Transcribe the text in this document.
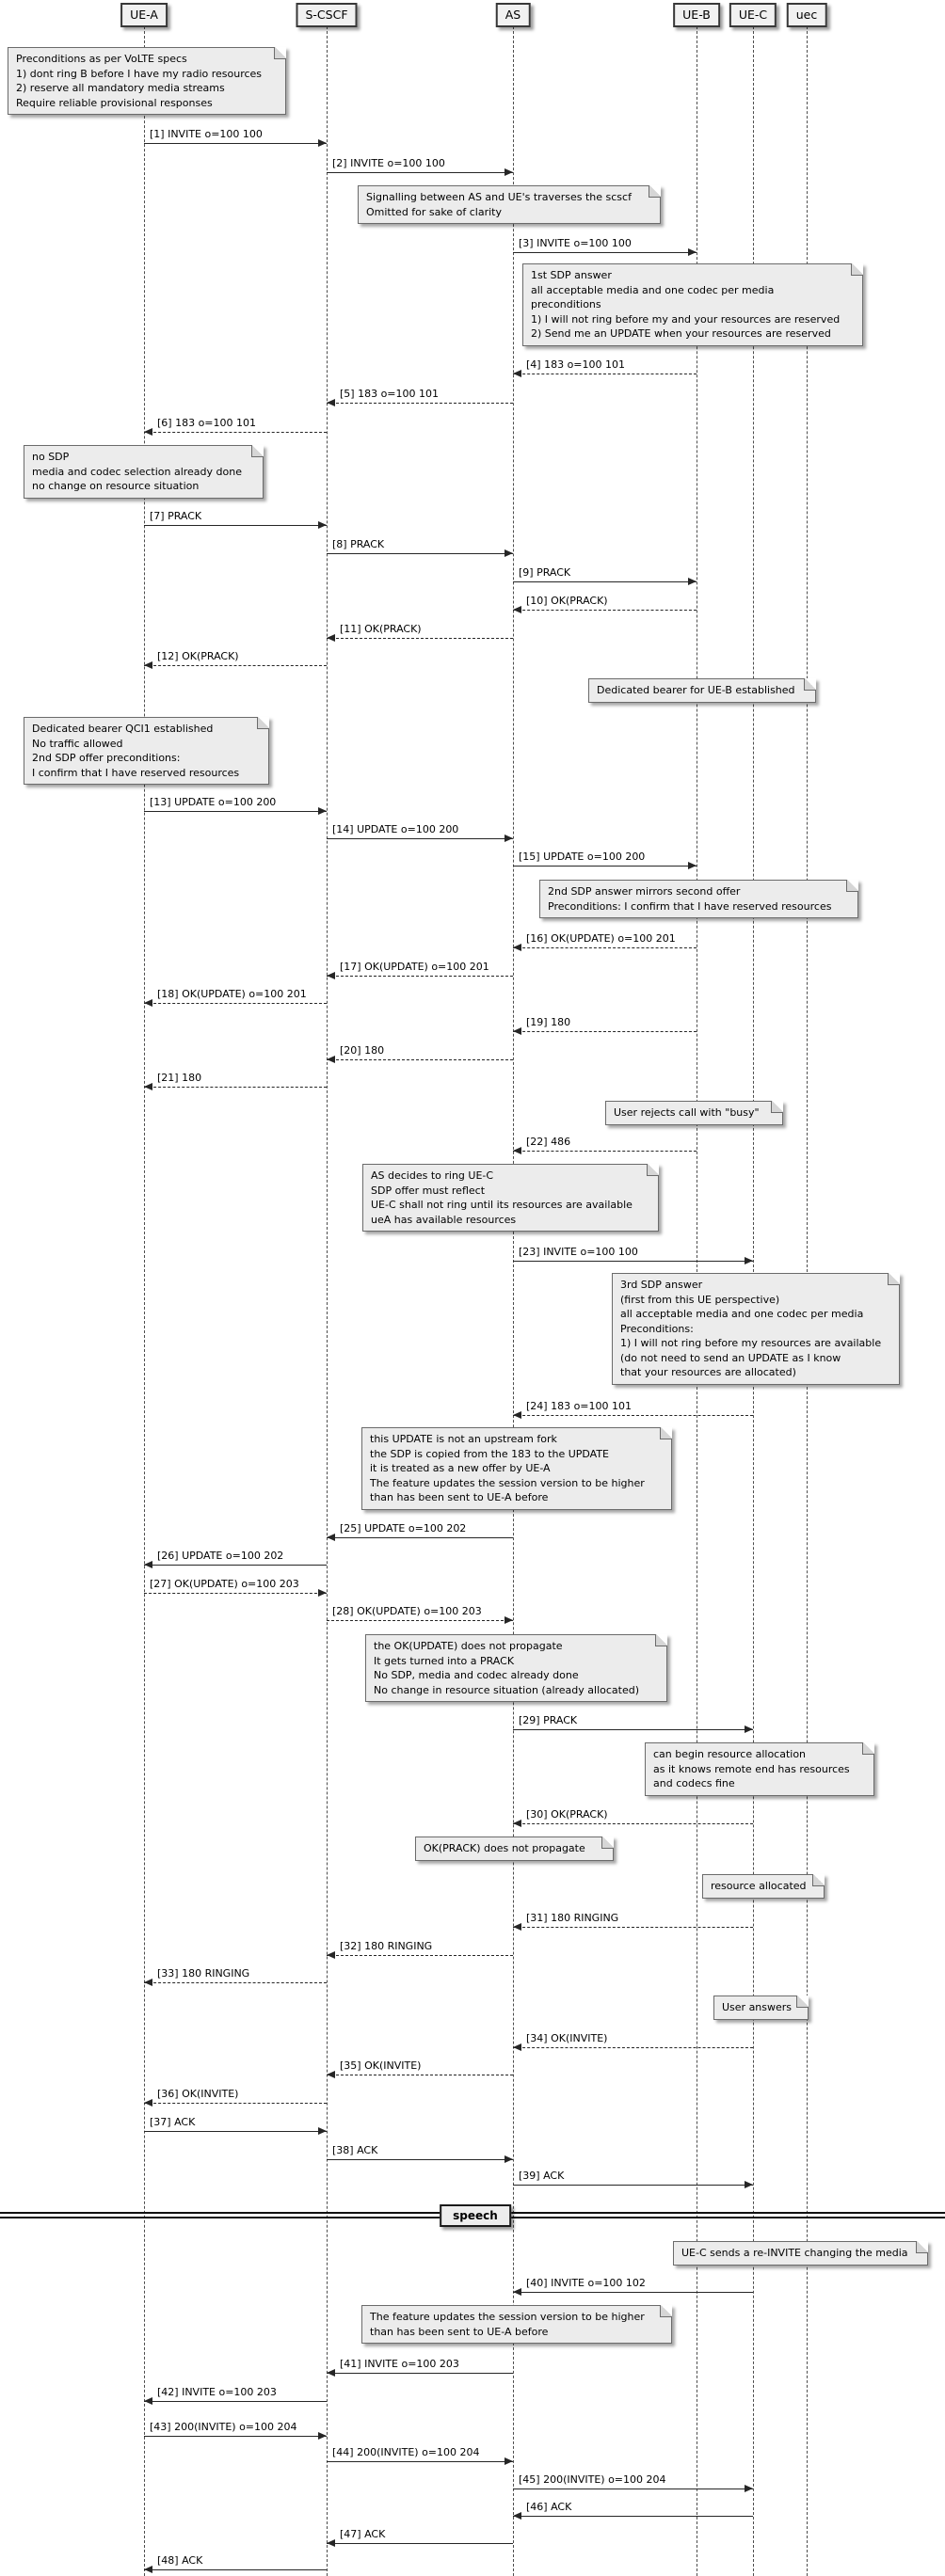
speech
[1] INVITE o=100 100
[2] INVITE o=100 100
[3] INVITE o=100 100
[4] 183 o=100 101
[5] 183 o=100 101
[6] 183 o=100 101
[7] PRACK
[8] PRACK
[9] PRACK
[10] OK(PRACK)
[11] OK(PRACK)
[12] OK(PRACK)
[13] UPDATE o=100 200
[14] UPDATE o=100 200
[15] UPDATE o=100 200
[16] OK(UPDATE) o=100 201
[17] OK(UPDATE) o=100 201
[18] OK(UPDATE) o=100 201
[19] 180
[20] 180
[21] 180
[22] 486
[23] INVITE o=100 100
[24] 183 o=100 101
[25] UPDATE o=100 202
[26] UPDATE o=100 202
[27] OK(UPDATE) o=100 203
[28] OK(UPDATE) o=100 203
[29] PRACK
[30] OK(PRACK)
[31] 180 RINGING
[32] 180 RINGING
[33] 180 RINGING
[34] OK(INVITE)
[35] OK(INVITE)
[36] OK(INVITE)
[37] ACK
[38] ACK
[39] ACK
[40] INVITE o=100 102
[41] INVITE o=100 203
[42] INVITE o=100 203
[43] 200(INVITE) o=100 204
[44] 200(INVITE) o=100 204
[45] 200(INVITE) o=100 204
[46] ACK
[47] ACK
[48] ACK
Preconditions as per VoLTE specs
1) dont ring B before I have my radio resources
2) reserve all mandatory media streams
Require reliable provisional responses
Signalling between AS and UE's traverses the scscf
Omitted for sake of clarity
1st SDP answer
all acceptable media and one codec per media
preconditions
1) I will not ring before my and your resources are reserved
2) Send me an UPDATE when your resources are reserved
no SDP
media and codec selection already done
no change on resource situation
Dedicated bearer for UE-B established
Dedicated bearer QCI1 established
No traffic allowed
2nd SDP offer preconditions:
I confirm that I have reserved resources
2nd SDP answer mirrors second offer
Preconditions: I confirm that I have reserved resources
User rejects call with "busy"
AS decides to ring UE-C
SDP offer must reflect
UE-C shall not ring until its resources are available
ueA has available resources
3rd SDP answer
(first from this UE perspective)
all acceptable media and one codec per media
Preconditions:
1) I will not ring before my resources are available
(do not need to send an UPDATE as I know
that your resources are allocated)
this UPDATE is not an upstream fork
the SDP is copied from the 183 to the UPDATE
it is treated as a new offer by UE-A
The feature updates the session version to be higher
than has been sent to UE-A before
the OK(UPDATE) does not propagate
It gets turned into a PRACK
No SDP, media and codec already done
No change in resource situation (already allocated)
can begin resource allocation
as it knows remote end has resources
and codecs fine
OK(PRACK) does not propagate
resource allocated
User answers
UE-C sends a re-INVITE changing the media
The feature updates the session version to be higher
than has been sent to UE-A before
UE-A	S-CSCF	AS	UE-B	UE-C	uec
